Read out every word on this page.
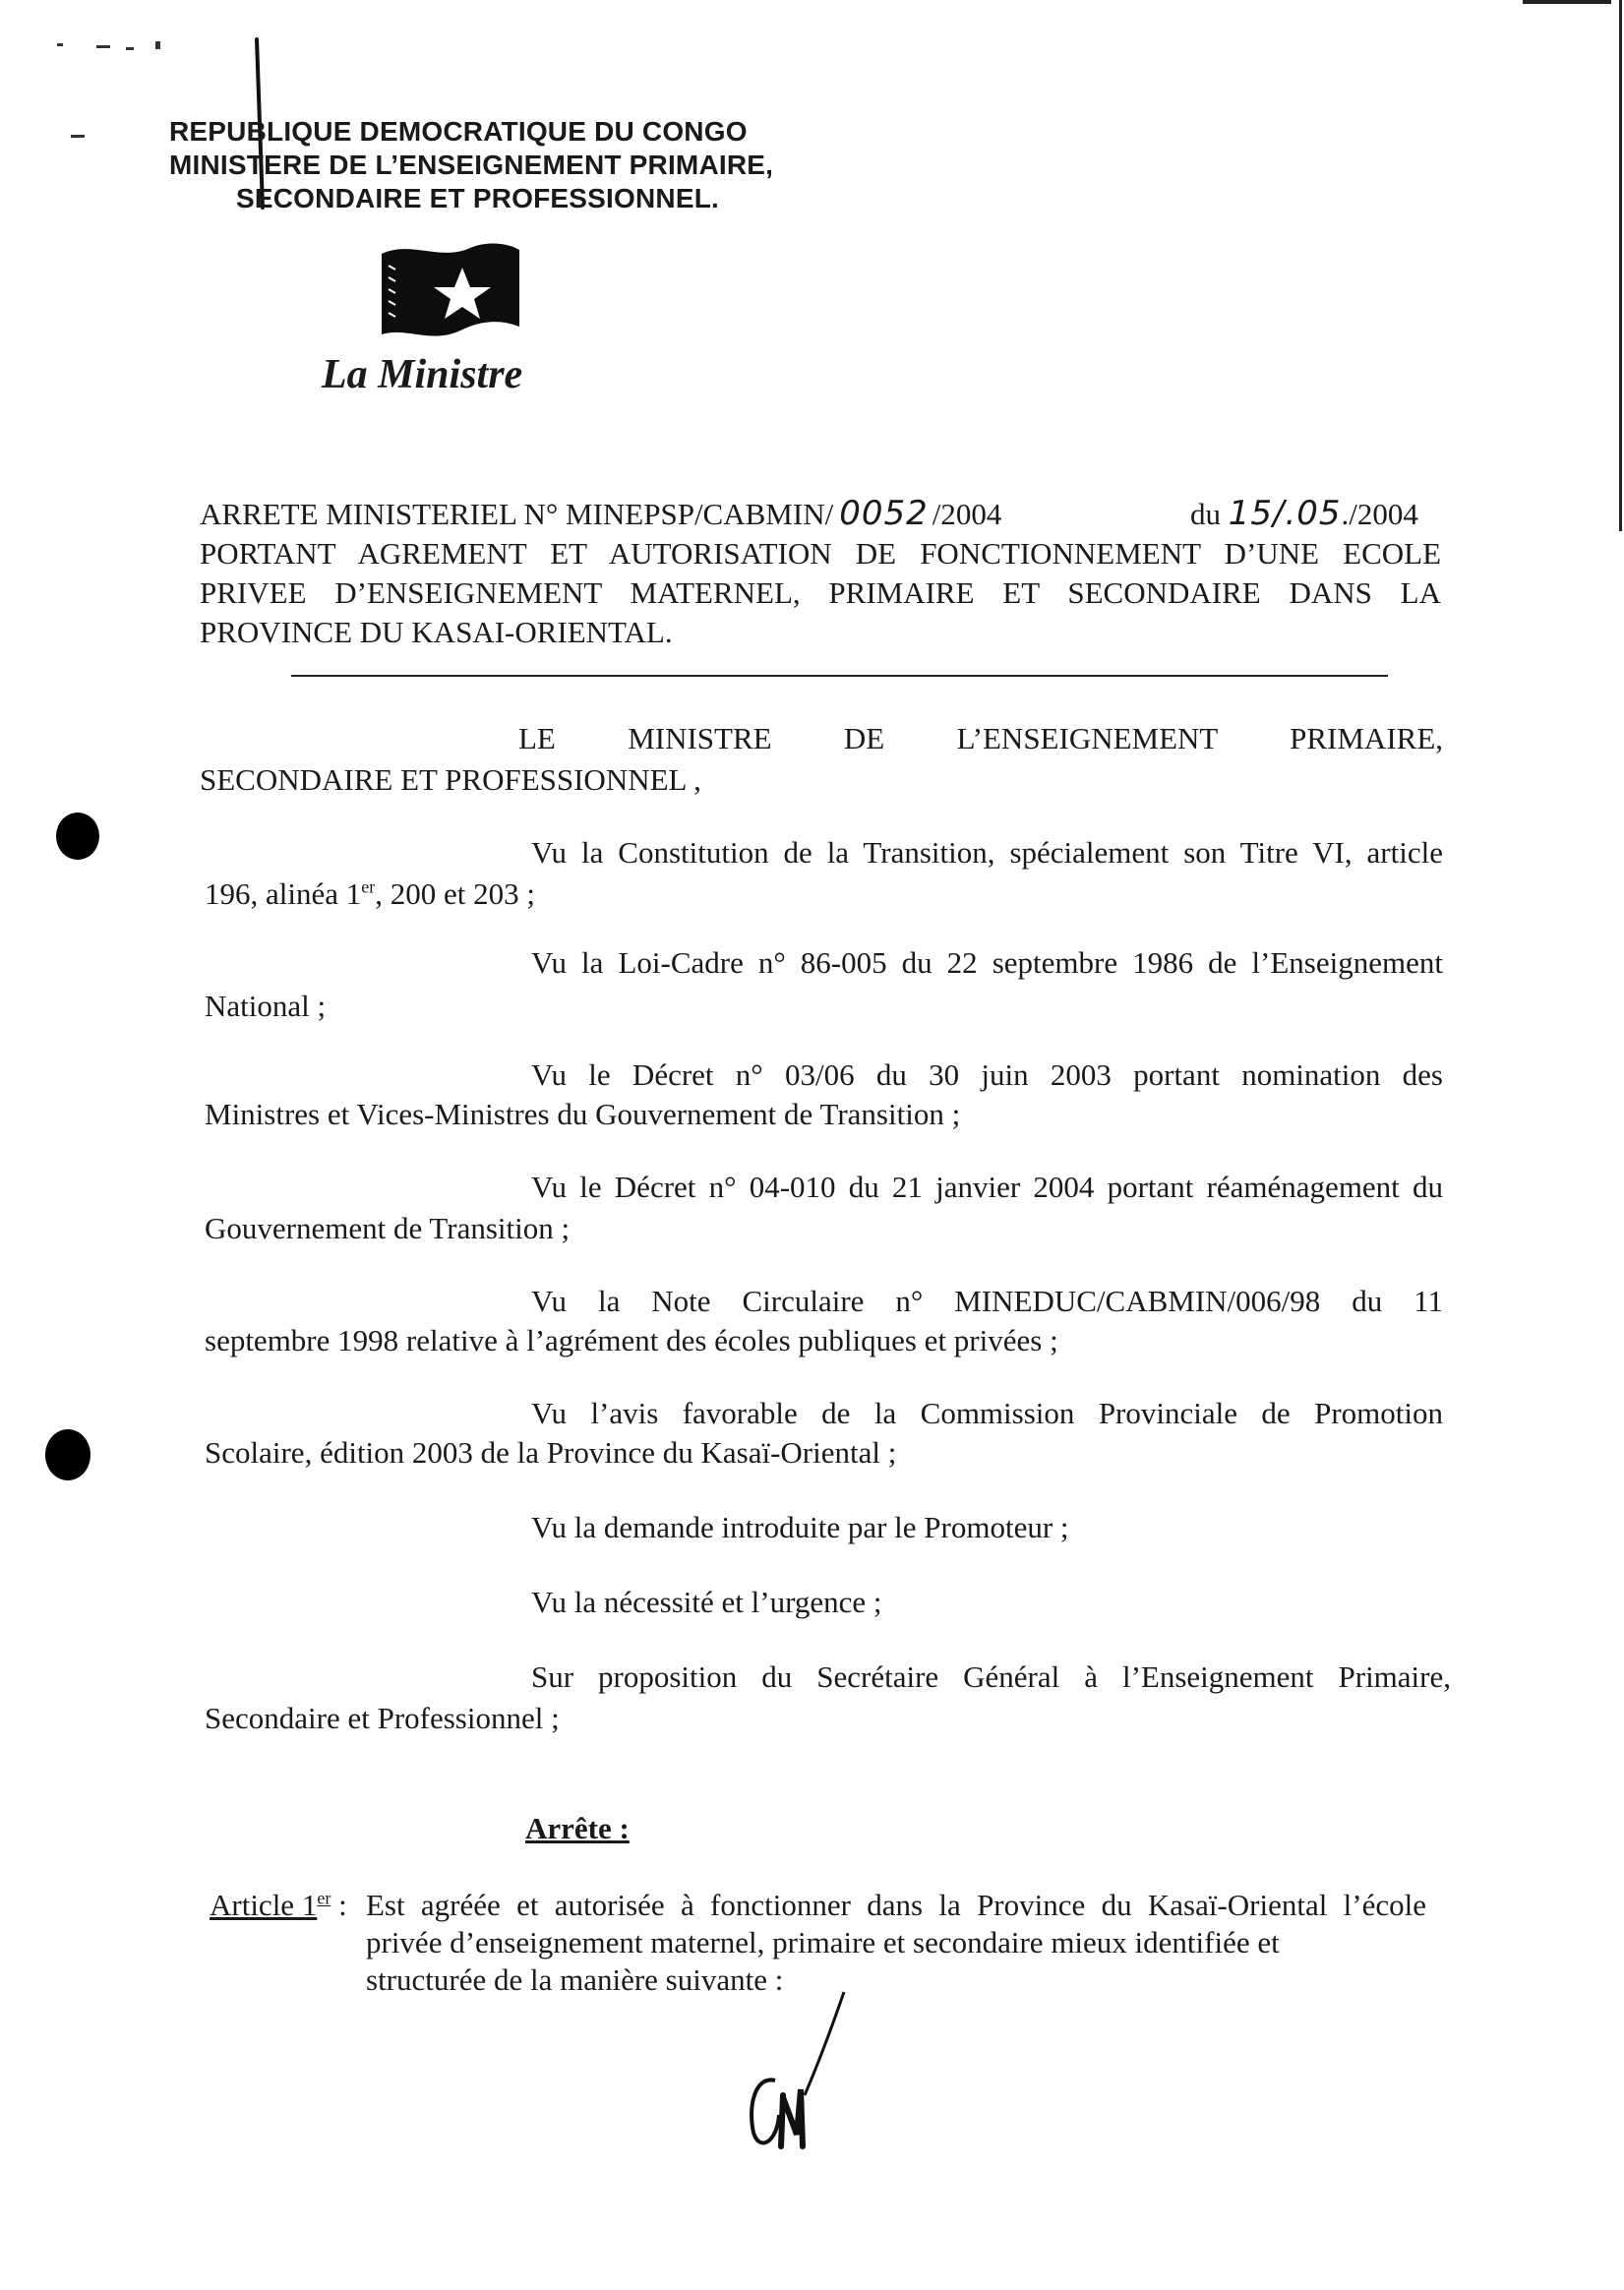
REPUBLIQUE DEMOCRATIQUE DU CONGO
MINISTERE DE L’ENSEIGNEMENT PRIMAIRE,
SECONDAIRE ET PROFESSIONNEL.
La Ministre
ARRETE MINISTERIEL N° MINEPSP/CABMIN/ 0052 /2004	du 15/.05./2004
PORTANT AGREMENT ET AUTORISATION DE FONCTIONNEMENT D’UNE ECOLE
PRIVEE D’ENSEIGNEMENT MATERNEL, PRIMAIRE ET SECONDAIRE DANS LA
PROVINCE DU KASAI-ORIENTAL.
LE MINISTRE DE L’ENSEIGNEMENT PRIMAIRE,
SECONDAIRE ET PROFESSIONNEL ,
Vu la Constitution de la Transition, spécialement son Titre VI, article
196, alinéa 1er, 200 et 203 ;
Vu la Loi-Cadre n° 86-005 du 22 septembre 1986 de l’Enseignement
National ;
Vu le Décret n° 03/06 du 30 juin 2003 portant nomination des
Ministres et Vices-Ministres du Gouvernement de Transition ;
Vu le Décret n° 04-010 du 21 janvier 2004 portant réaménagement du
Gouvernement de Transition ;
Vu la Note Circulaire n° MINEDUC/CABMIN/006/98 du 11
septembre 1998 relative à l’agrément des écoles publiques et privées ;
Vu l’avis favorable de la Commission Provinciale de Promotion
Scolaire, édition 2003 de la Province du Kasaï-Oriental ;
Vu la demande introduite par le Promoteur ;
Vu la nécessité et l’urgence ;
Sur proposition du Secrétaire Général à l’Enseignement Primaire,
Secondaire et Professionnel ;
Arrête :
Article 1er : Est agréée et autorisée à fonctionner dans la Province du Kasaï-Oriental l’école
privée d’enseignement maternel, primaire et secondaire mieux identifiée et
structurée de la manière suivante :
